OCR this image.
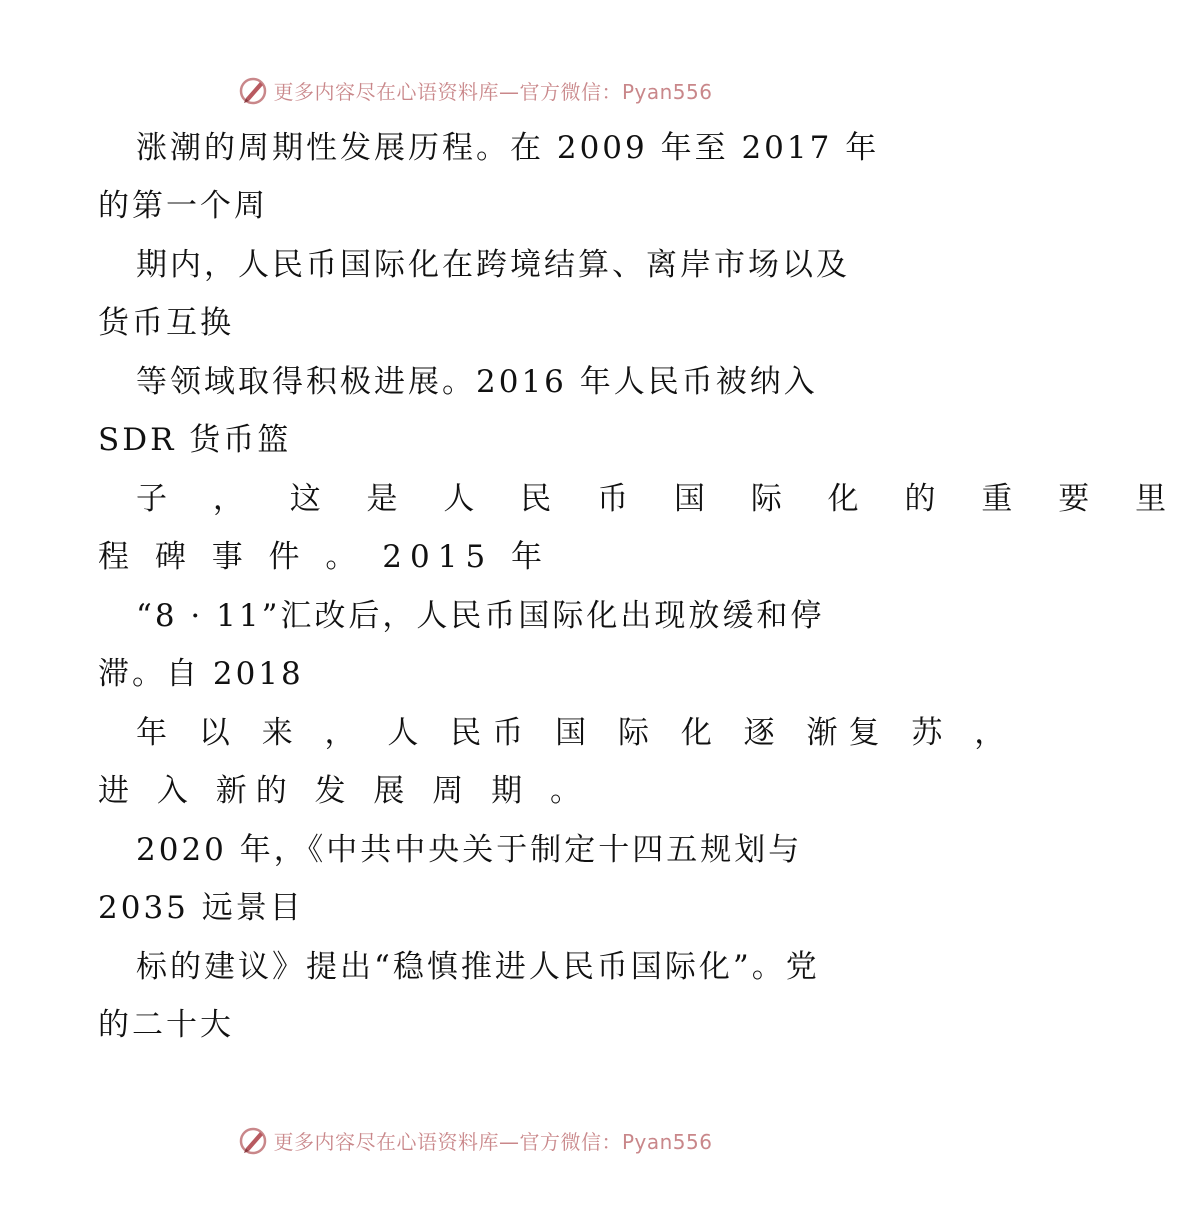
更多内容尽在心语资料库—官方微信：Pyan556
涨潮的周期性发展历程。在 2009 年至 2017 年
的第一个周
期内，人民币国际化在跨境结算、离岸市场以及
货币互换
等领域取得积极进展。2016 年人民币被纳入
SDR 货币篮
子 ， 这 是 人 民 币 国 际 化 的 重 要 里
程 碑 事 件 。 2015 年
“8 · 11”汇改后，人民币国际化出现放缓和停
滞。自 2018
年 以 来 ， 人 民币 国 际 化 逐 渐复 苏 ，
进 入 新的 发 展 周 期 。
2020 年，《中共中央关于制定十四五规划与
2035 远景目
标的建议》提出“稳慎推进人民币国际化”。党
的二十大
更多内容尽在心语资料库—官方微信：Pyan556
